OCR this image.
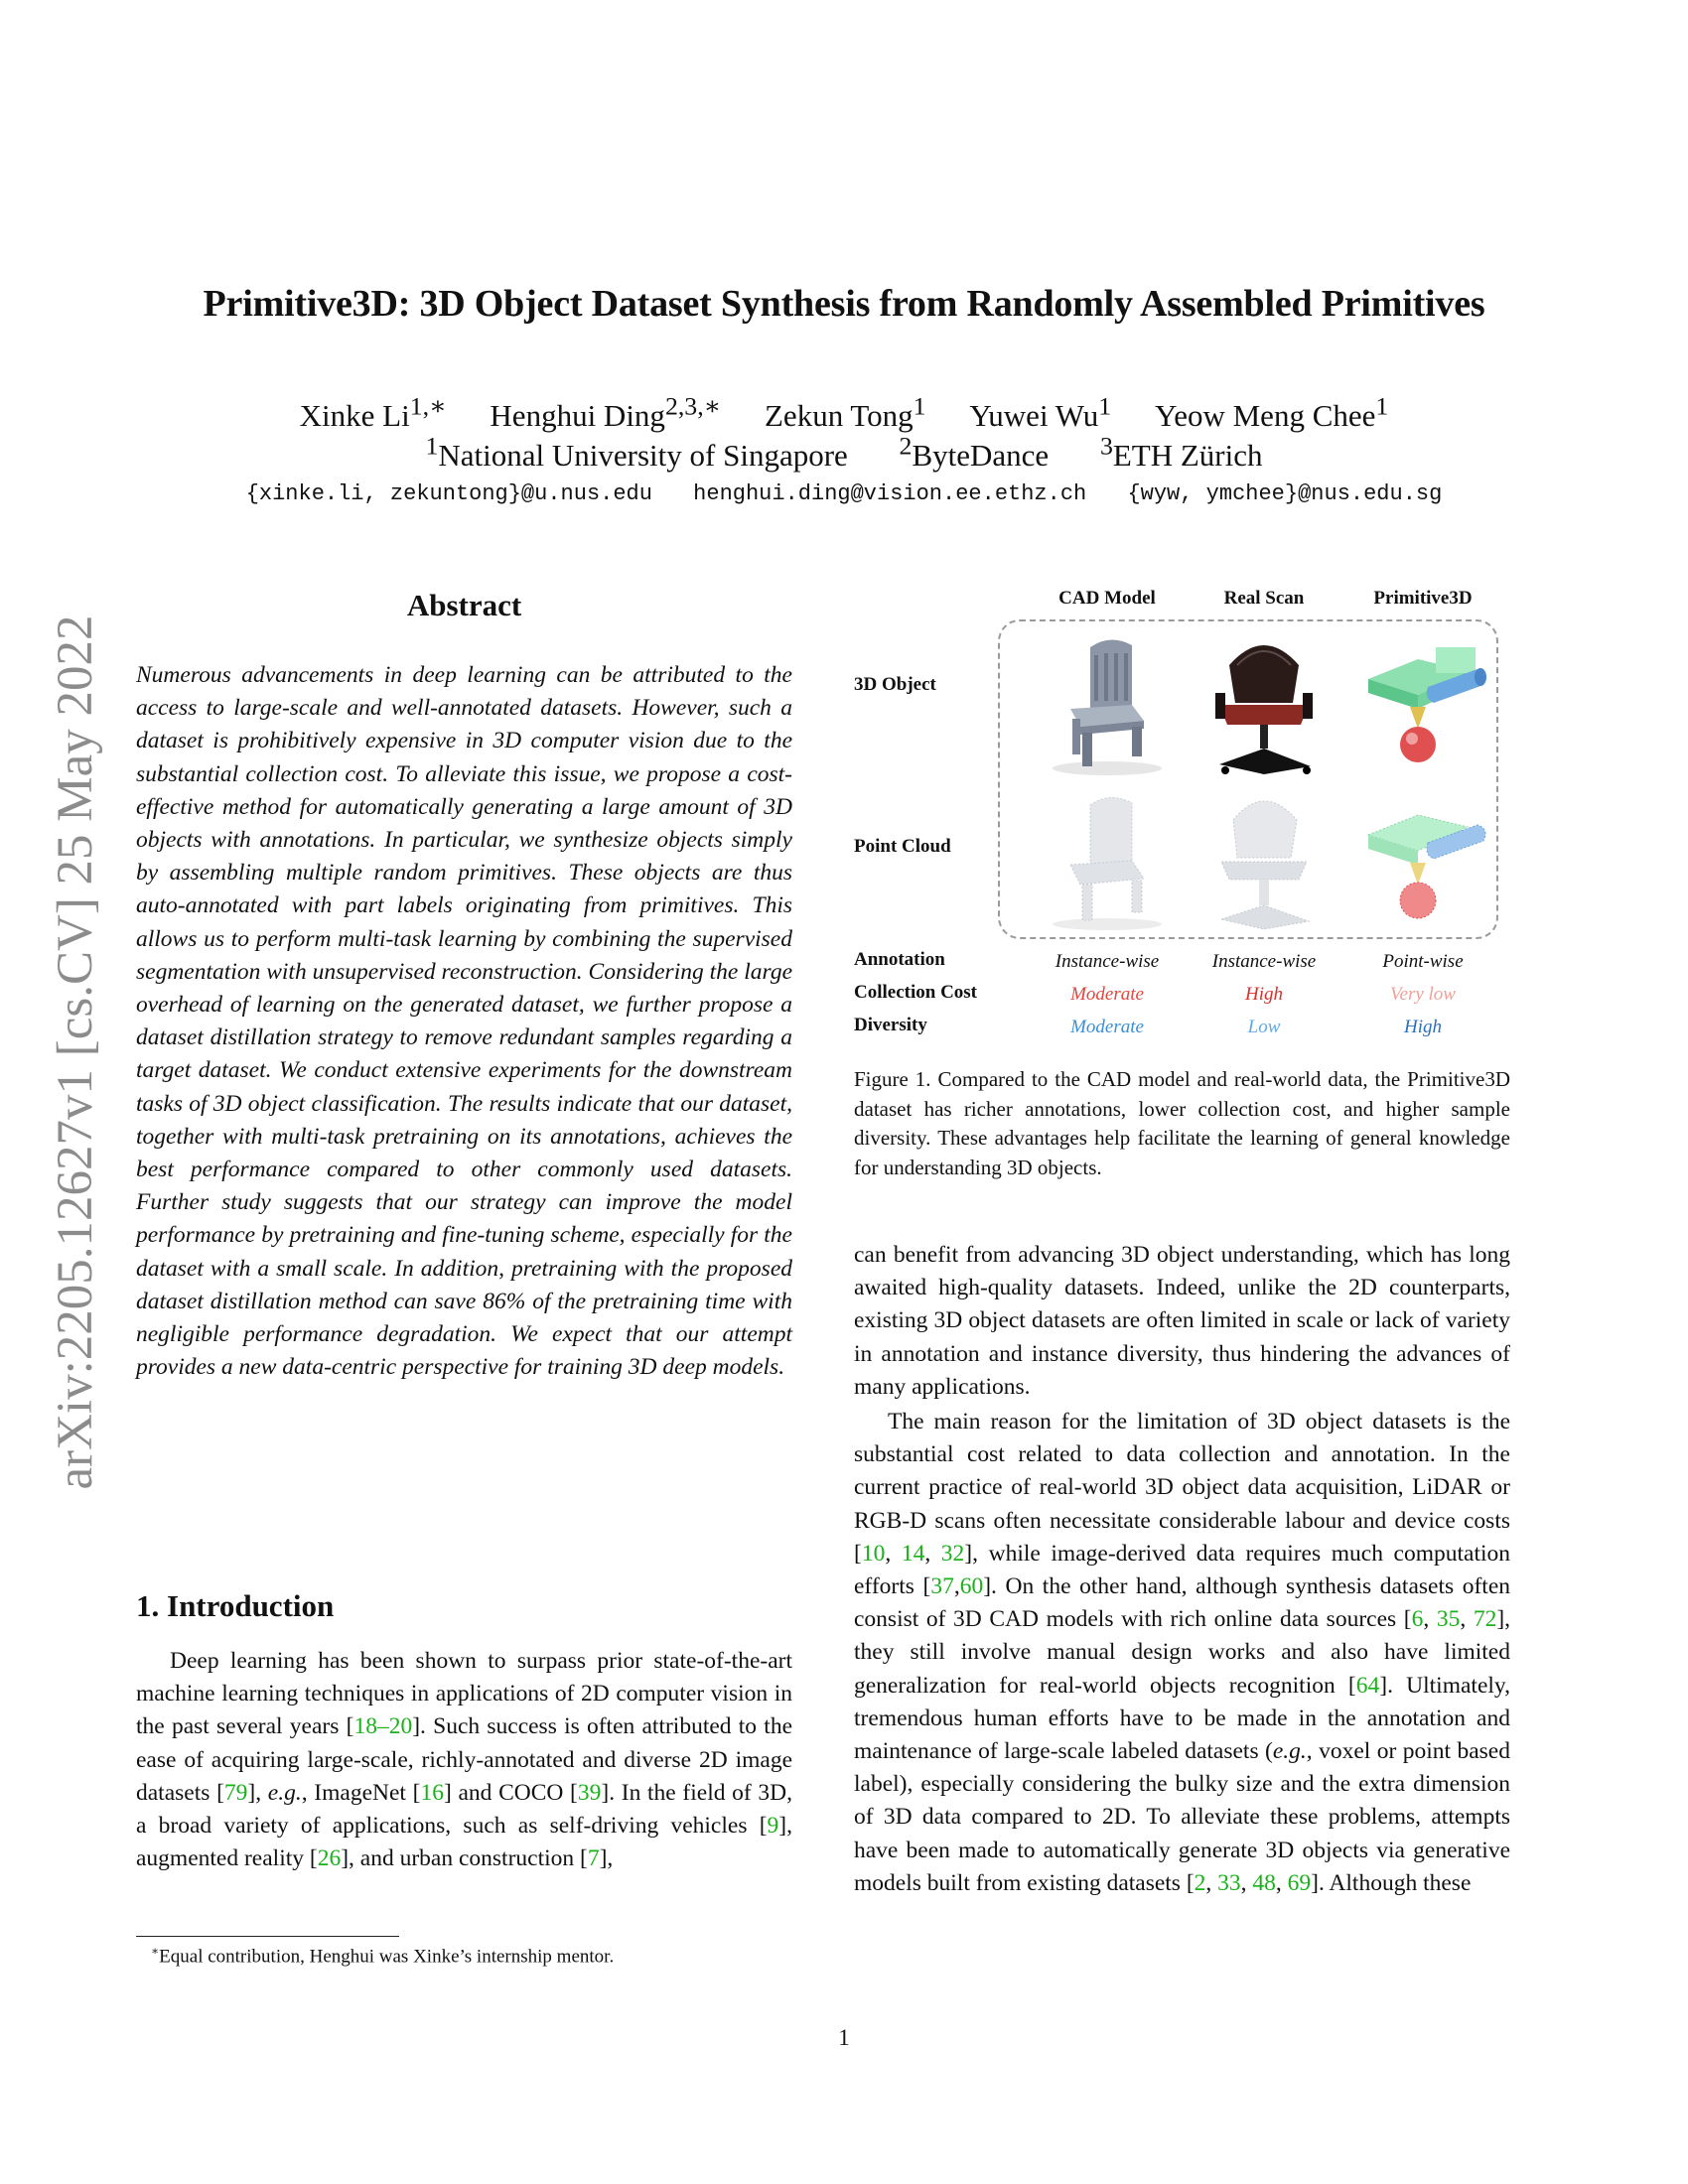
arXiv:2205.12627v1 [cs.CV] 25 May 2022
Primitive3D: 3D Object Dataset Synthesis from Randomly Assembled Primitives
Xinke $Li^{1,∗}$ Henghui Ding$^{2,3,∗}$ Zekun Tong$^1$ Yuwei Wu$^1$ Yeow Meng Chee$^1$
$^1$National University of Singapore $^2$ByteDance $^3$ETH Zürich
{xinke.li, zekuntong}@u.nus.edu henghui.ding@vision.ee.ethz.ch {wyw, ymchee}@nus.edu.sg
Abstract

Numerous advancements in deep learning can be attributed to the access to large-scale and well-annotated datasets. However, such a dataset is prohibitively expensive in 3D computer vision due to the substantial collection cost. To alleviate this issue, we propose a cost-effective method for automatically generating a large amount of 3D objects with annotations. In particular, we synthesize objects simply by assembling multiple random primitives. These objects are thus auto-annotated with part labels originating from primitives. This allows us to perform multi-task learning by combining the supervised segmentation with unsupervised reconstruction. Considering the large overhead of learning on the generated dataset, we further propose a dataset distillation strategy to remove redundant samples regarding a target dataset. We conduct extensive experiments for the downstream tasks of 3D object classification. The results indicate that our dataset, together with multi-task pretraining on its annotations, achieves the best performance compared to other commonly used datasets. Further study suggests that our strategy can improve the model performance by pretraining and fine-tuning scheme, especially for the dataset with a small scale. In addition, pretraining with the proposed dataset distillation method can save 86% of the pretraining time with negligible performance degradation. We expect that our attempt provides a new data-centric perspective for training 3D deep models.

1. Introduction

Deep learning has been shown to surpass prior state-of-the-art machine learning techniques in applications of 2D computer vision in the past several years [18–20]. Such success is often attributed to the ease of acquiring large-scale, richly-annotated and diverse 2D image datasets [79], e.g., ImageNet [16] and COCO [39]. In the field of 3D, a broad variety of applications, such as self-driving vehicles [9], augmented reality [26], and urban construction [7],

∗Equal contribution, Henghui was Xinke’s internship mentor.
CAD Model	Real Scan	Primitive3D
3D Object
Point Cloud
Annotation	Instance-wise	Instance-wise	Point-wise
Collection Cost	Moderate	High	Very low
Diversity	Moderate	Low	High

Figure 1. Compared to the CAD model and real-world data, the Primitive3D dataset has richer annotations, lower collection cost, and higher sample diversity. These advantages help facilitate the learning of general knowledge for understanding 3D objects.

can benefit from advancing 3D object understanding, which has long awaited high-quality datasets. Indeed, unlike the 2D counterparts, existing 3D object datasets are often limited in scale or lack of variety in annotation and instance diversity, thus hindering the advances of many applications.

The main reason for the limitation of 3D object datasets is the substantial cost related to data collection and annotation. In the current practice of real-world 3D object data acquisition, LiDAR or RGB-D scans often necessitate considerable labour and device costs [10, 14, 32], while image-derived data requires much computation efforts [37,60]. On the other hand, although synthesis datasets often consist of 3D CAD models with rich online data sources [6, 35, 72], they still involve manual design works and also have limited generalization for real-world objects recognition [64]. Ultimately, tremendous human efforts have to be made in the annotation and maintenance of large-scale labeled datasets (e.g., voxel or point based label), especially considering the bulky size and the extra dimension of 3D data compared to 2D. To alleviate these problems, attempts have been made to automatically generate 3D objects via generative models built from existing datasets [2, 33, 48, 69]. Although these

1
